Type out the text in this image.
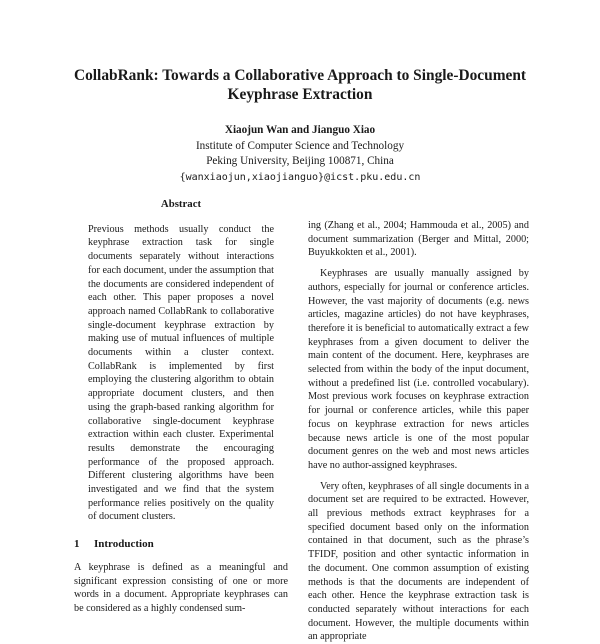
CollabRank: Towards a Collaborative Approach to Single-Document
Keyphrase Extraction
Xiaojun Wan and Jianguo Xiao
Institute of Computer Science and Technology
Peking University, Beijing 100871, China
{wanxiaojun,xiaojianguo}@icst.pku.edu.cn
Abstract

Previous methods usually conduct the keyphrase extraction task for single documents separately without interactions for each document, under the assumption that the documents are considered independent of each other. This paper proposes a novel approach named CollabRank to collaborative single-document keyphrase extraction by making use of mutual influences of multiple documents within a cluster context. CollabRank is implemented by first employing the clustering algorithm to obtain appropriate document clusters, and then using the graph-based ranking algorithm for collaborative single-document keyphrase extraction within each cluster. Experimental results demonstrate the encouraging performance of the proposed approach. Different clustering algorithms have been investigated and we find that the system performance relies positively on the quality of document clusters.

1 Introduction

A keyphrase is defined as a meaningful and significant expression consisting of one or more words in a document. Appropriate keyphrases can be considered as a highly condensed sum-

ing (Zhang et al., 2004; Hammouda et al., 2005) and document summarization (Berger and Mittal, 2000; Buyukkokten et al., 2001).

Keyphrases are usually manually assigned by authors, especially for journal or conference articles. However, the vast majority of documents (e.g. news articles, magazine articles) do not have keyphrases, therefore it is beneficial to automatically extract a few keyphrases from a given document to deliver the main content of the document. Here, keyphrases are selected from within the body of the input document, without a predefined list (i.e. controlled vocabulary). Most previous work focuses on keyphrase extraction for journal or conference articles, while this paper focus on keyphrase extraction for news articles because news article is one of the most popular document genres on the web and most news articles have no author-assigned keyphrases.

Very often, keyphrases of all single documents in a document set are required to be extracted. However, all previous methods extract keyphrases for a specified document based only on the information contained in that document, such as the phrase’s TFIDF, position and other syntactic information in the document. One common assumption of existing methods is that the documents are independent of each other. Hence the keyphrase extraction task is conducted separately without interactions for each document. However, the multiple documents within an appropriate
